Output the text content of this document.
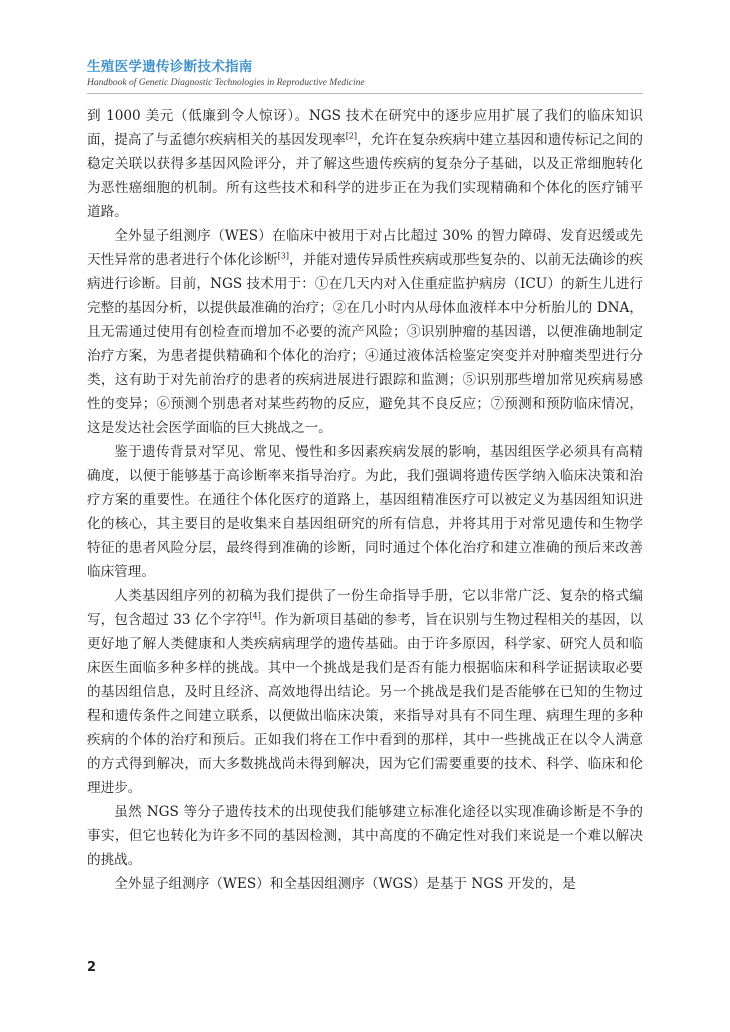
生殖医学遗传诊断技术指南
Handbook of Genetic Diagnostic Technologies in Reproductive Medicine

到 1000 美元（低廉到令人惊讶）。NGS 技术在研究中的逐步应用扩展了我们的临床知识面，提高了与孟德尔疾病相关的基因发现率[2]，允许在复杂疾病中建立基因和遗传标记之间的稳定关联以获得多基因风险评分，并了解这些遗传疾病的复杂分子基础，以及正常细胞转化为恶性癌细胞的机制。所有这些技术和科学的进步正在为我们实现精确和个体化的医疗铺平道路。

全外显子组测序（WES）在临床中被用于对占比超过 30% 的智力障碍、发育迟缓或先天性异常的患者进行个体化诊断[3]，并能对遗传异质性疾病或那些复杂的、以前无法确诊的疾病进行诊断。目前，NGS 技术用于：①在几天内对入住重症监护病房（ICU）的新生儿进行完整的基因分析，以提供最准确的治疗；②在几小时内从母体血液样本中分析胎儿的 DNA，且无需通过使用有创检查而增加不必要的流产风险；③识别肿瘤的基因谱，以便准确地制定治疗方案，为患者提供精确和个体化的治疗；④通过液体活检鉴定突变并对肿瘤类型进行分类，这有助于对先前治疗的患者的疾病进展进行跟踪和监测；⑤识别那些增加常见疾病易感性的变异；⑥预测个别患者对某些药物的反应，避免其不良反应；⑦预测和预防临床情况，这是发达社会医学面临的巨大挑战之一。

鉴于遗传背景对罕见、常见、慢性和多因素疾病发展的影响，基因组医学必须具有高精确度，以便于能够基于高诊断率来指导治疗。为此，我们强调将遗传医学纳入临床决策和治疗方案的重要性。在通往个体化医疗的道路上，基因组精准医疗可以被定义为基因组知识进化的核心，其主要目的是收集来自基因组研究的所有信息，并将其用于对常见遗传和生物学特征的患者风险分层，最终得到准确的诊断，同时通过个体化治疗和建立准确的预后来改善临床管理。

人类基因组序列的初稿为我们提供了一份生命指导手册，它以非常广泛、复杂的格式编写，包含超过 33 亿个字符[4]。作为新项目基础的参考，旨在识别与生物过程相关的基因，以更好地了解人类健康和人类疾病病理学的遗传基础。由于许多原因，科学家、研究人员和临床医生面临多种多样的挑战。其中一个挑战是我们是否有能力根据临床和科学证据读取必要的基因组信息，及时且经济、高效地得出结论。另一个挑战是我们是否能够在已知的生物过程和遗传条件之间建立联系，以便做出临床决策，来指导对具有不同生理、病理生理的多种疾病的个体的治疗和预后。正如我们将在工作中看到的那样，其中一些挑战正在以令人满意的方式得到解决，而大多数挑战尚未得到解决，因为它们需要重要的技术、科学、临床和伦理进步。

虽然 NGS 等分子遗传技术的出现使我们能够建立标准化途径以实现准确诊断是不争的事实，但它也转化为许多不同的基因检测，其中高度的不确定性对我们来说是一个难以解决的挑战。

全外显子组测序（WES）和全基因组测序（WGS）是基于 NGS 开发的，是

2
